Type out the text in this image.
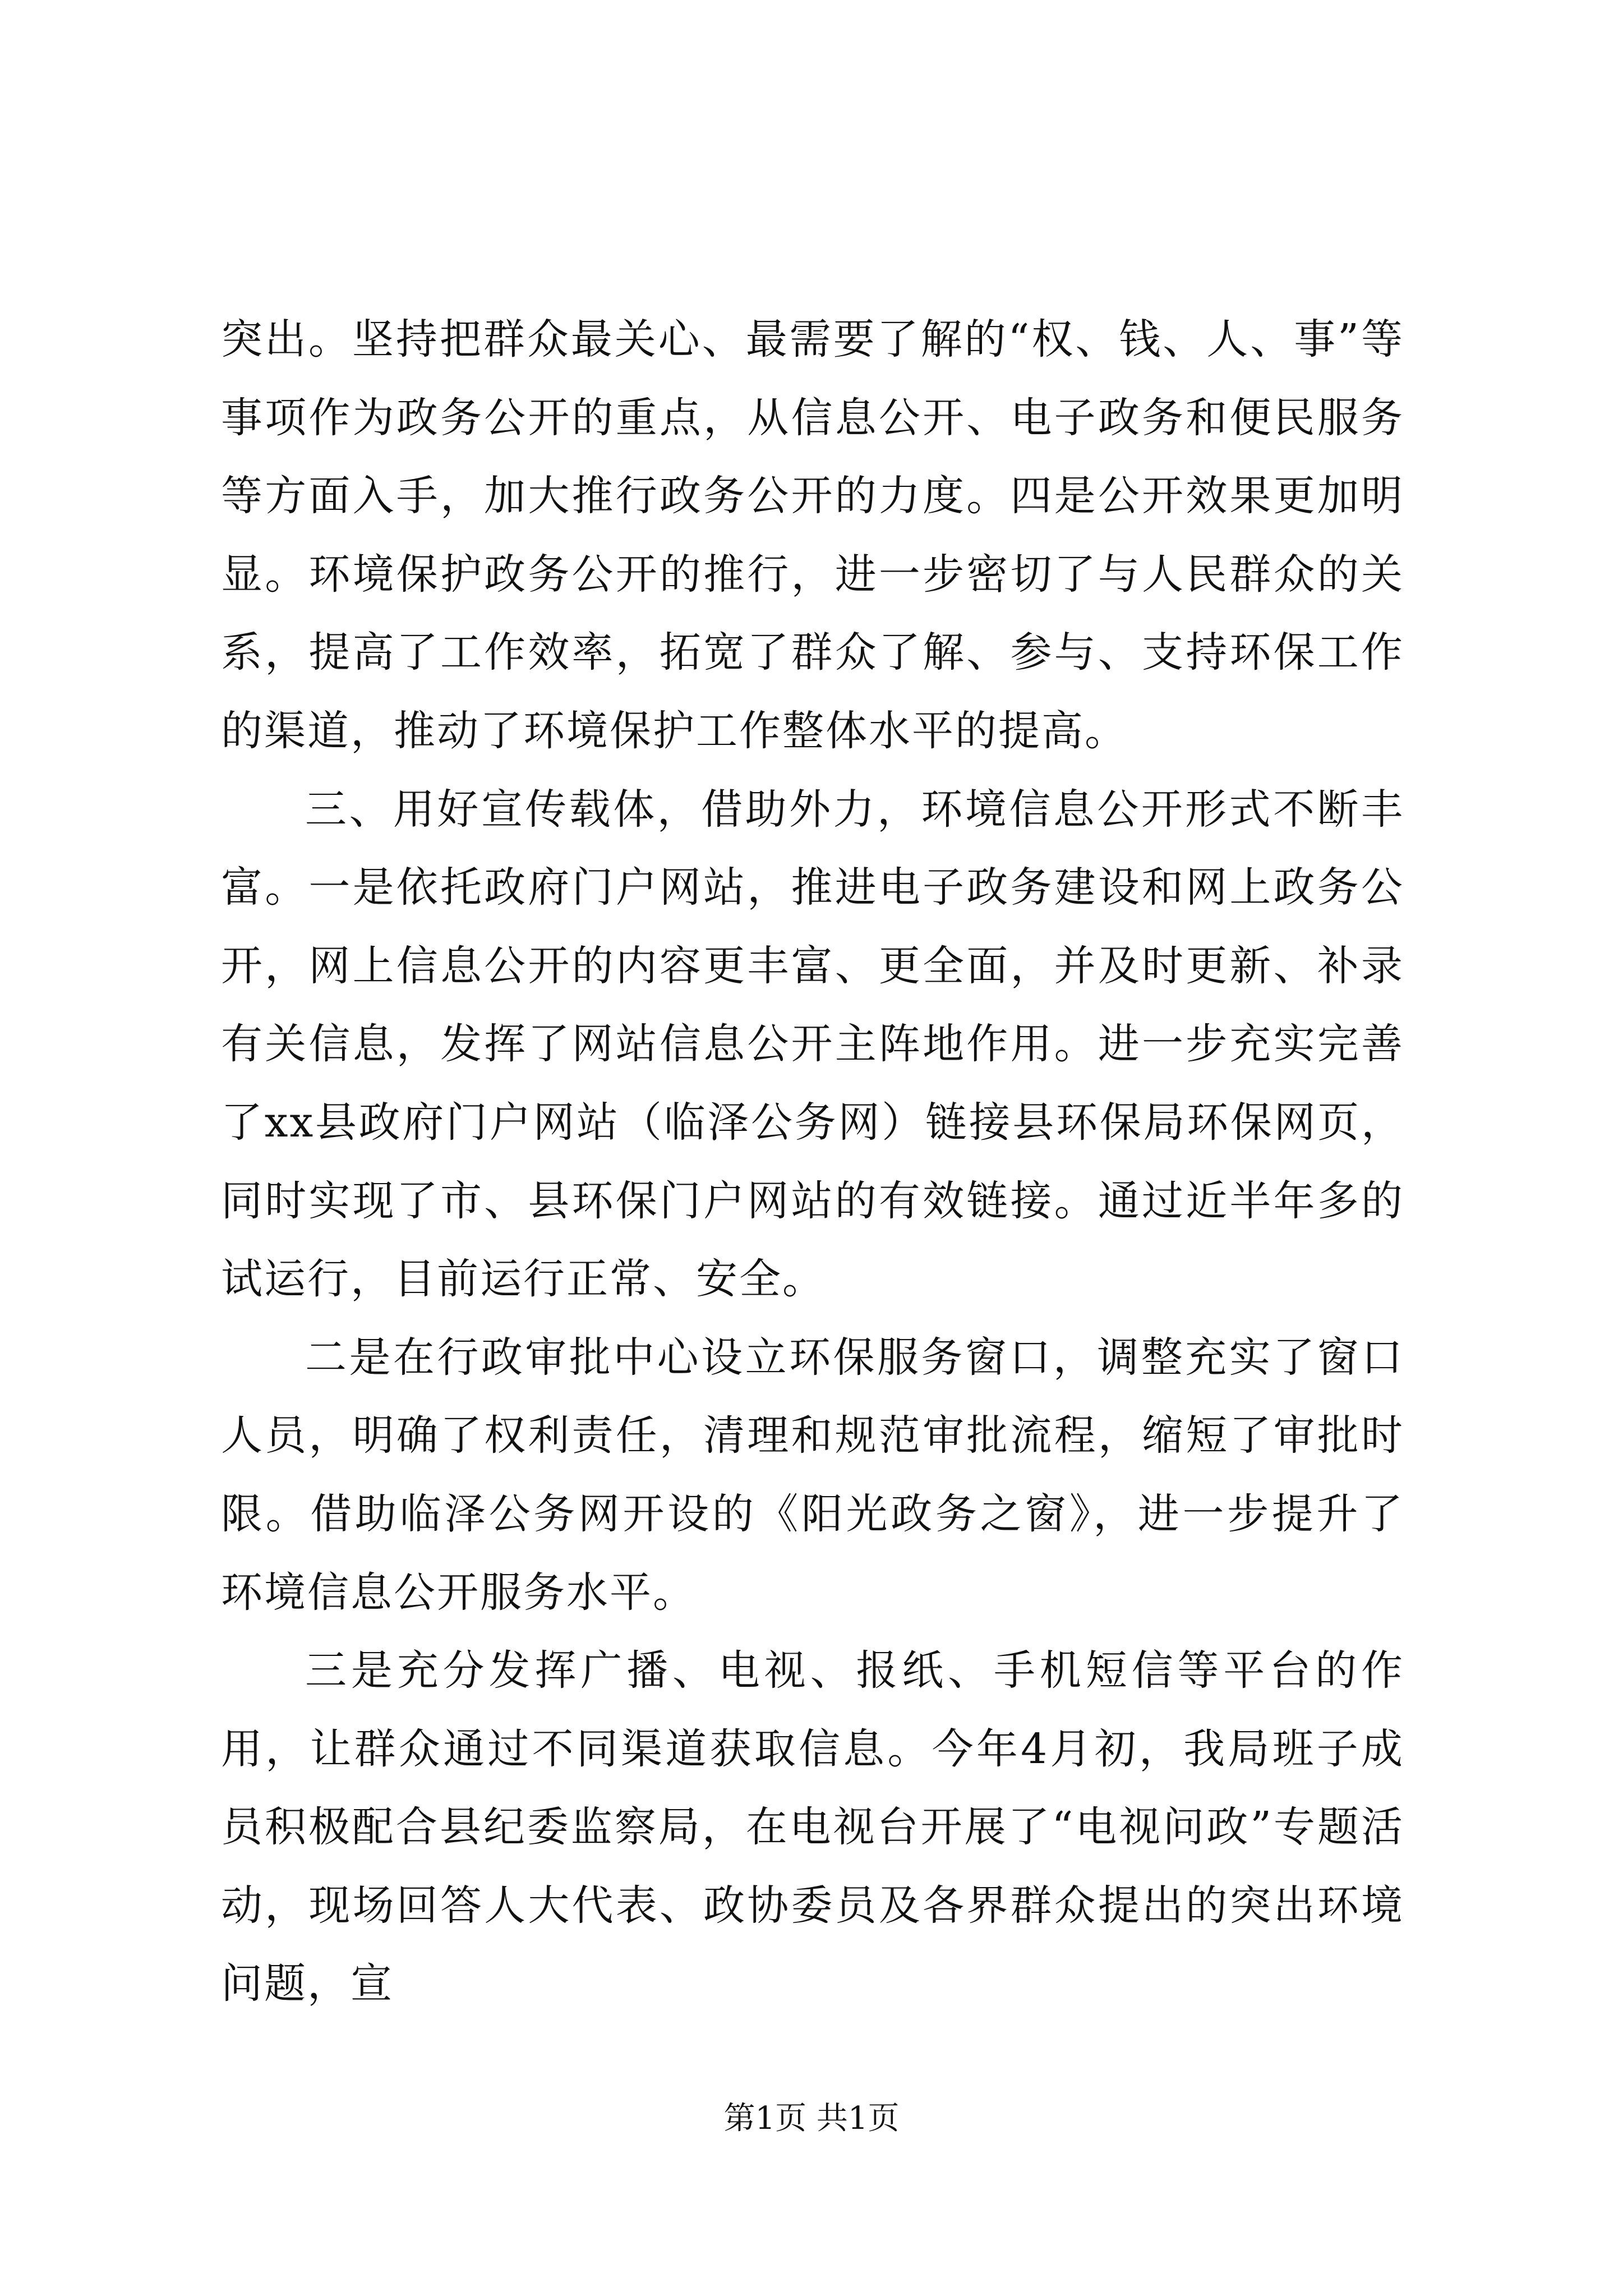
突出。坚持把群众最关心、最需要了解的“权、钱、人、事”等事项作为政务公开的重点，从信息公开、电子政务和便民服务等方面入手，加大推行政务公开的力度。四是公开效果更加明显。环境保护政务公开的推行，进一步密切了与人民群众的关系，提高了工作效率，拓宽了群众了解、参与、支持环保工作的渠道，推动了环境保护工作整体水平的提高。

三、用好宣传载体，借助外力，环境信息公开形式不断丰富。一是依托政府门户网站，推进电子政务建设和网上政务公开，网上信息公开的内容更丰富、更全面，并及时更新、补录有关信息，发挥了网站信息公开主阵地作用。进一步充实完善了xx县政府门户网站（临泽公务网）链接县环保局环保网页，同时实现了市、县环保门户网站的有效链接。通过近半年多的试运行，目前运行正常、安全。

二是在行政审批中心设立环保服务窗口，调整充实了窗口人员，明确了权利责任，清理和规范审批流程，缩短了审批时限。借助临泽公务网开设的《阳光政务之窗》，进一步提升了环境信息公开服务水平。

三是充分发挥广播、电视、报纸、手机短信等平台的作用，让群众通过不同渠道获取信息。今年4月初，我局班子成员积极配合县纪委监察局，在电视台开展了“电视问政”专题活动，现场回答人大代表、政协委员及各界群众提出的突出环境问题，宣

第1页 共1页
